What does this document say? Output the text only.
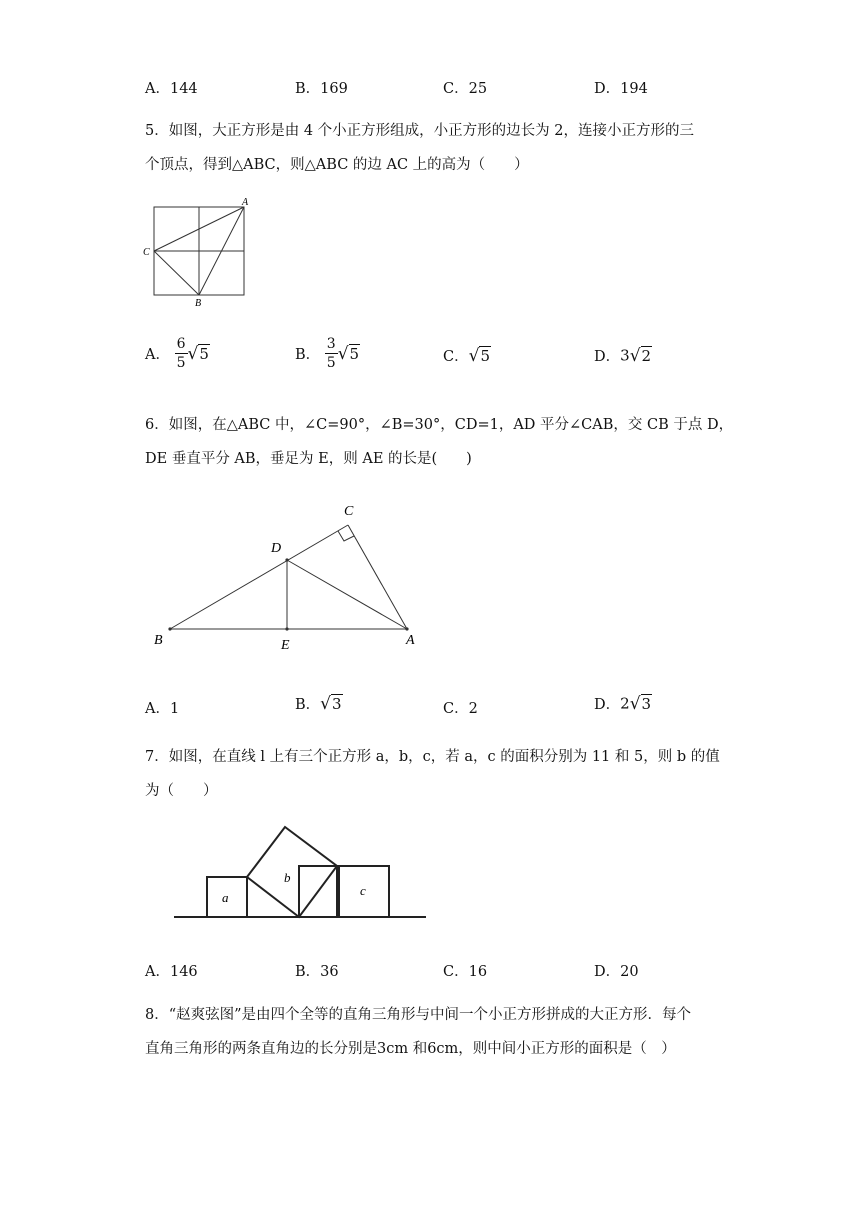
A．144	B．169	C．25	D．194
5．如图，大正方形是由 4 个小正方形组成，小正方形的边长为 2，连接小正方形的三
个顶点，得到△ABC，则△ABC 的边 AC 上的高为（　　）
A
C
B
A． $\frac{6}{5} √5$	B． $\frac{3}{5} √5$	C．√5	D．3√2
6．如图，在△ABC 中，∠C=90°，∠B=30°，CD=1，AD 平分∠CAB，交 CB 于点 D，
DE 垂直平分 AB，垂足为 E，则 AE 的长是(　　)
C
D
B	E	A
A．1	B．√3	C．2	D．2√3
7．如图，在直线 l 上有三个正方形 a，b，c，若 a，c 的面积分别为 11 和 5，则 b 的值
为（　　）
a
b
c
A．146	B．36	C．16	D．20
8．“赵爽弦图”是由四个全等的直角三角形与中间一个小正方形拼成的大正方形．每个
直角三角形的两条直角边的长分别是3cm 和6cm，则中间小正方形的面积是（　）
